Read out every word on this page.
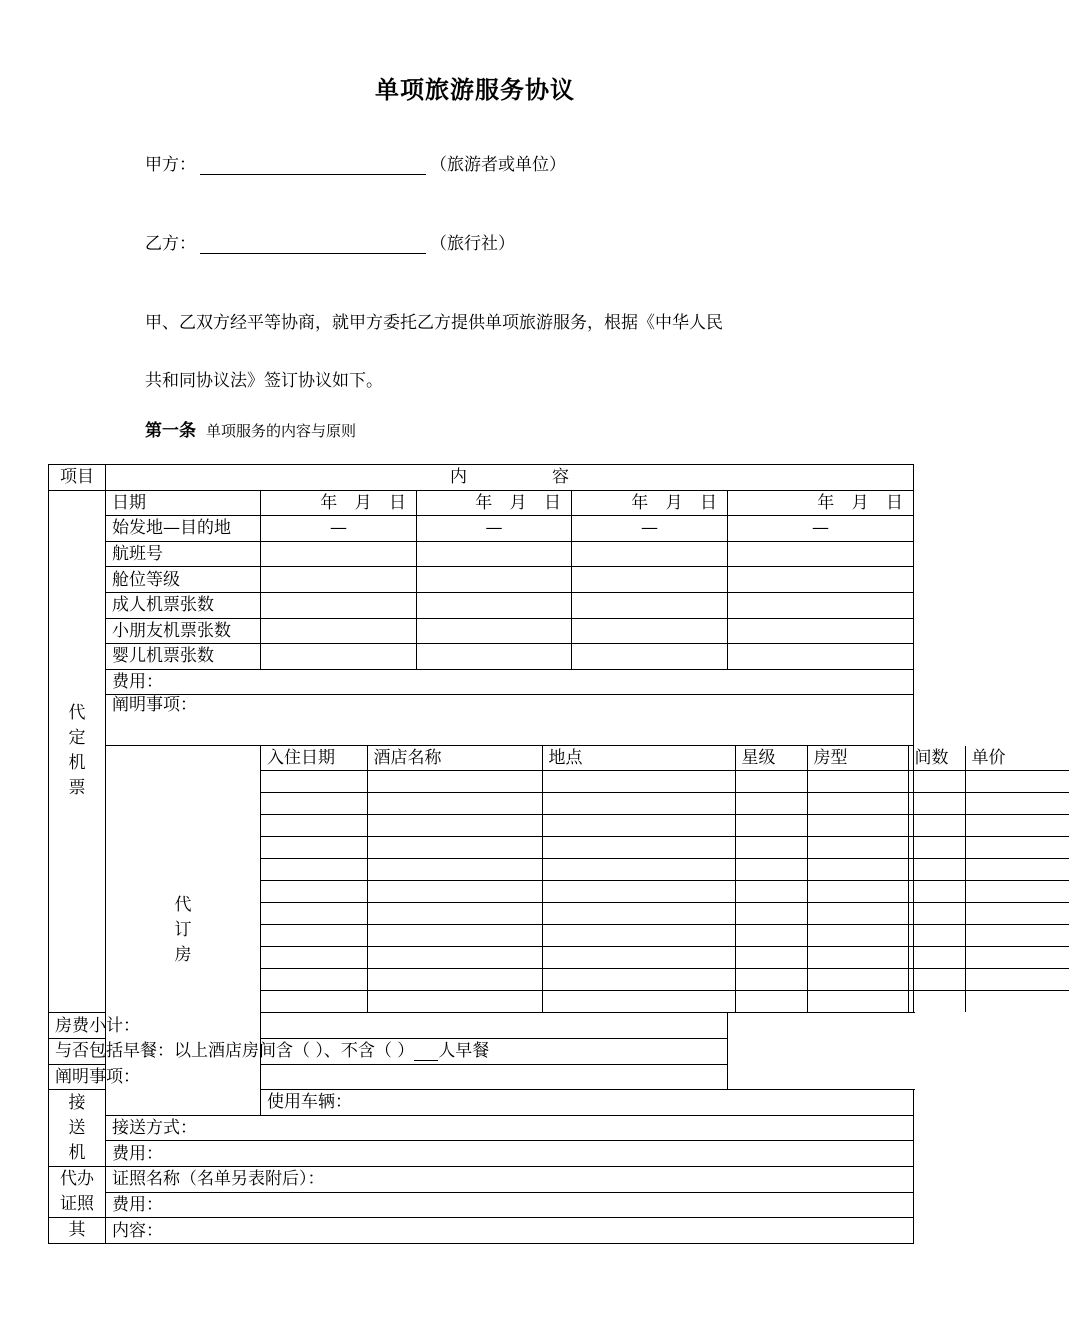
单项旅游服务协议
甲方：	（旅游者或单位）
乙方：	（旅行社）
甲、乙双方经平等协商，就甲方委托乙方提供单项旅游服务，根据《中华人民
共和同协议法》签订协议如下。
第一条 单项服务的内容与原则
项目	内　　　　　容

代定机票
	日期	年 月 日	年 月 日	年 月 日	年 月 日
始发地—目的地	—	—	—	—
航班号				
舱位等级				
成人机票张数				
小朋友机票张数				
婴儿机票张数				
费用：
阐明事项：

代订房

入住日期	酒店名称	地点	星级	房型	间数	单价

房费小计：
与否包括早餐：以上酒店房间含（ ）、不含（ ） 人早餐
阐明事项：

接送机
	使用车辆：
接送方式：
费用：

代办证照
	证照名称（名单另表附后）：
费用：
其	内容：
